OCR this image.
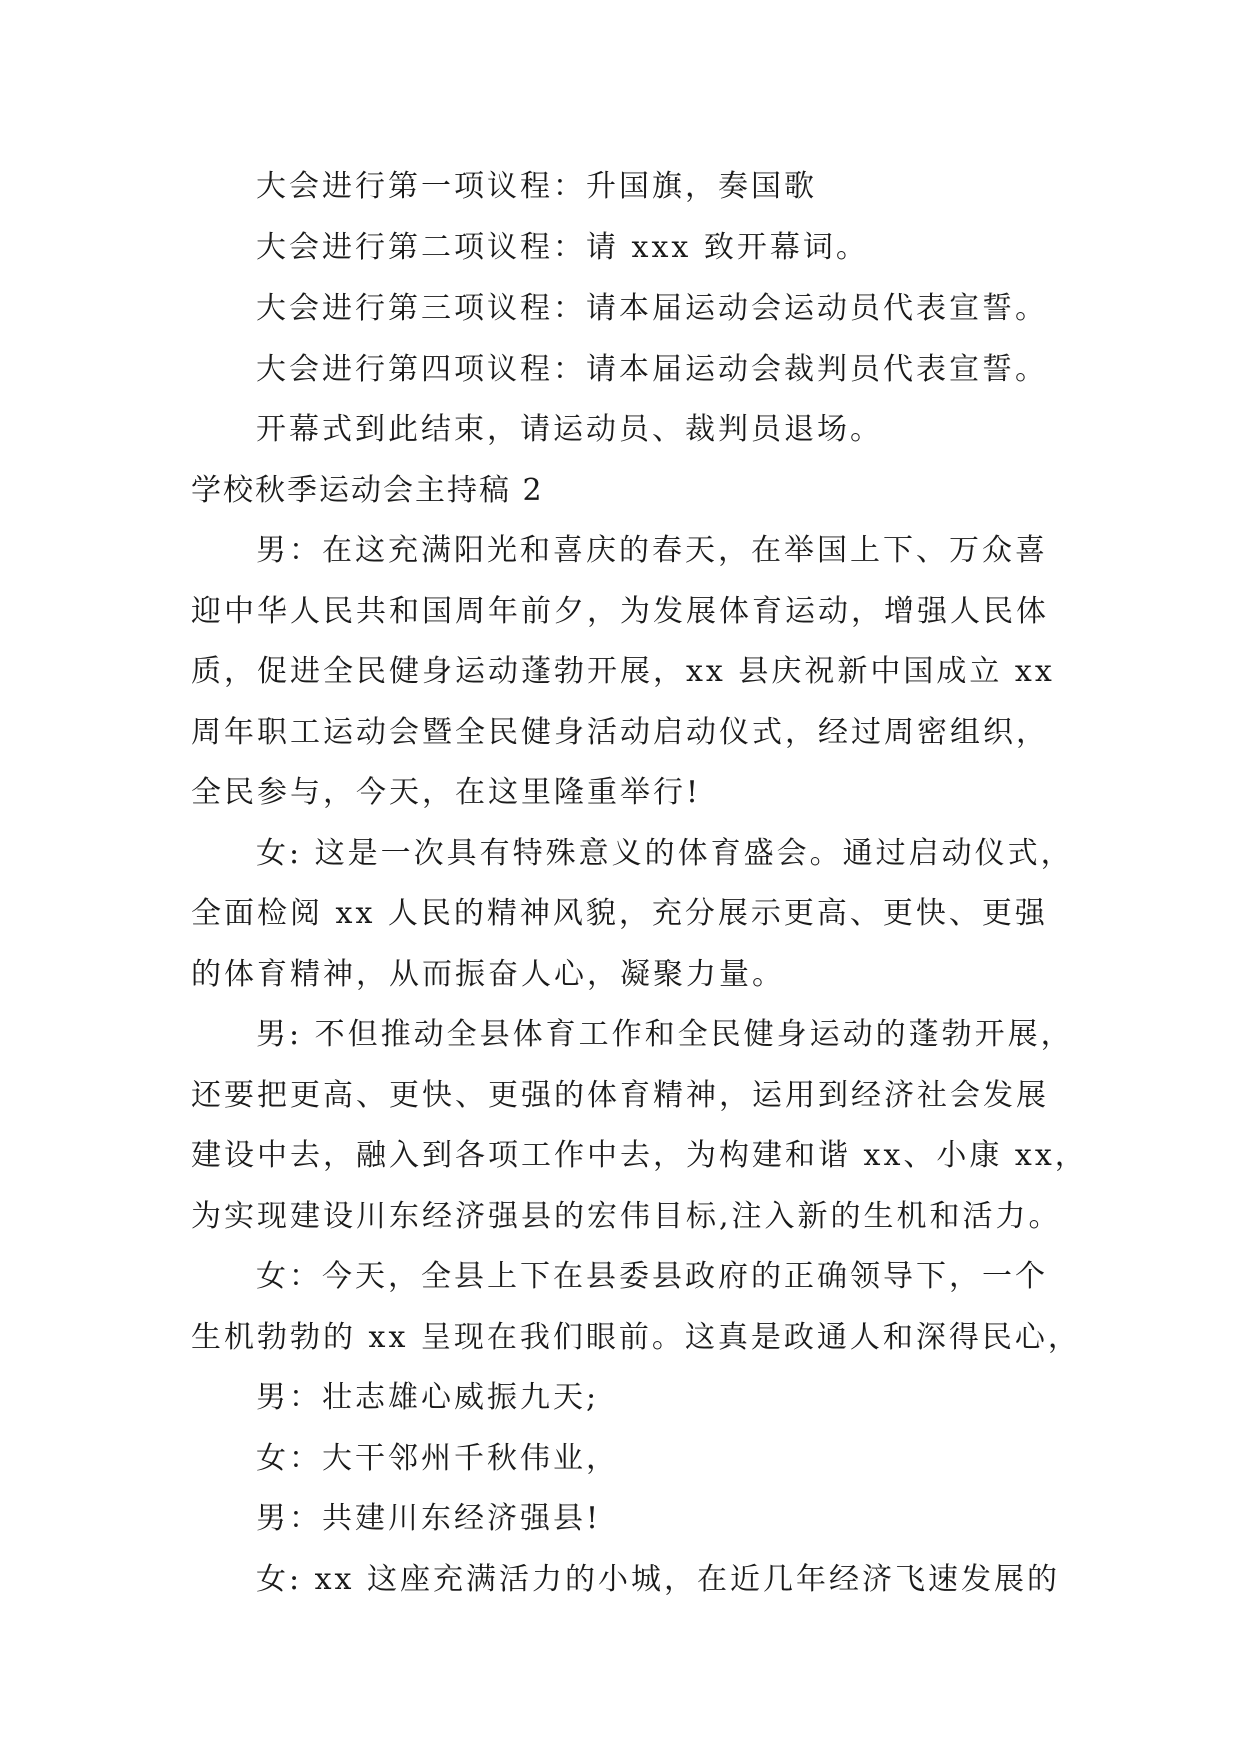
大会进行第一项议程：升国旗，奏国歌
大会进行第二项议程：请 xxx 致开幕词。
大会进行第三项议程：请本届运动会运动员代表宣誓。
大会进行第四项议程：请本届运动会裁判员代表宣誓。
开幕式到此结束，请运动员、裁判员退场。
学校秋季运动会主持稿 2
男：在这充满阳光和喜庆的春天，在举国上下、万众喜
迎中华人民共和国周年前夕，为发展体育运动，增强人民体
质，促进全民健身运动蓬勃开展，xx 县庆祝新中国成立 xx
周年职工运动会暨全民健身活动启动仪式，经过周密组织，
全民参与，今天，在这里隆重举行!
女: 这是一次具有特殊意义的体育盛会。通过启动仪式，
全面检阅 xx 人民的精神风貌，充分展示更高、更快、更强
的体育精神，从而振奋人心，凝聚力量。
男: 不但推动全县体育工作和全民健身运动的蓬勃开展，
还要把更高、更快、更强的体育精神，运用到经济社会发展
建设中去，融入到各项工作中去，为构建和谐 xx、小康 xx，
为实现建设川东经济强县的宏伟目标,注入新的生机和活力。
女：今天，全县上下在县委县政府的正确领导下，一个
生机勃勃的 xx 呈现在我们眼前。这真是政通人和深得民心，
男：壮志雄心威振九天;
女：大干邻州千秋伟业，
男：共建川东经济强县!
女: xx 这座充满活力的小城，在近几年经济飞速发展的
